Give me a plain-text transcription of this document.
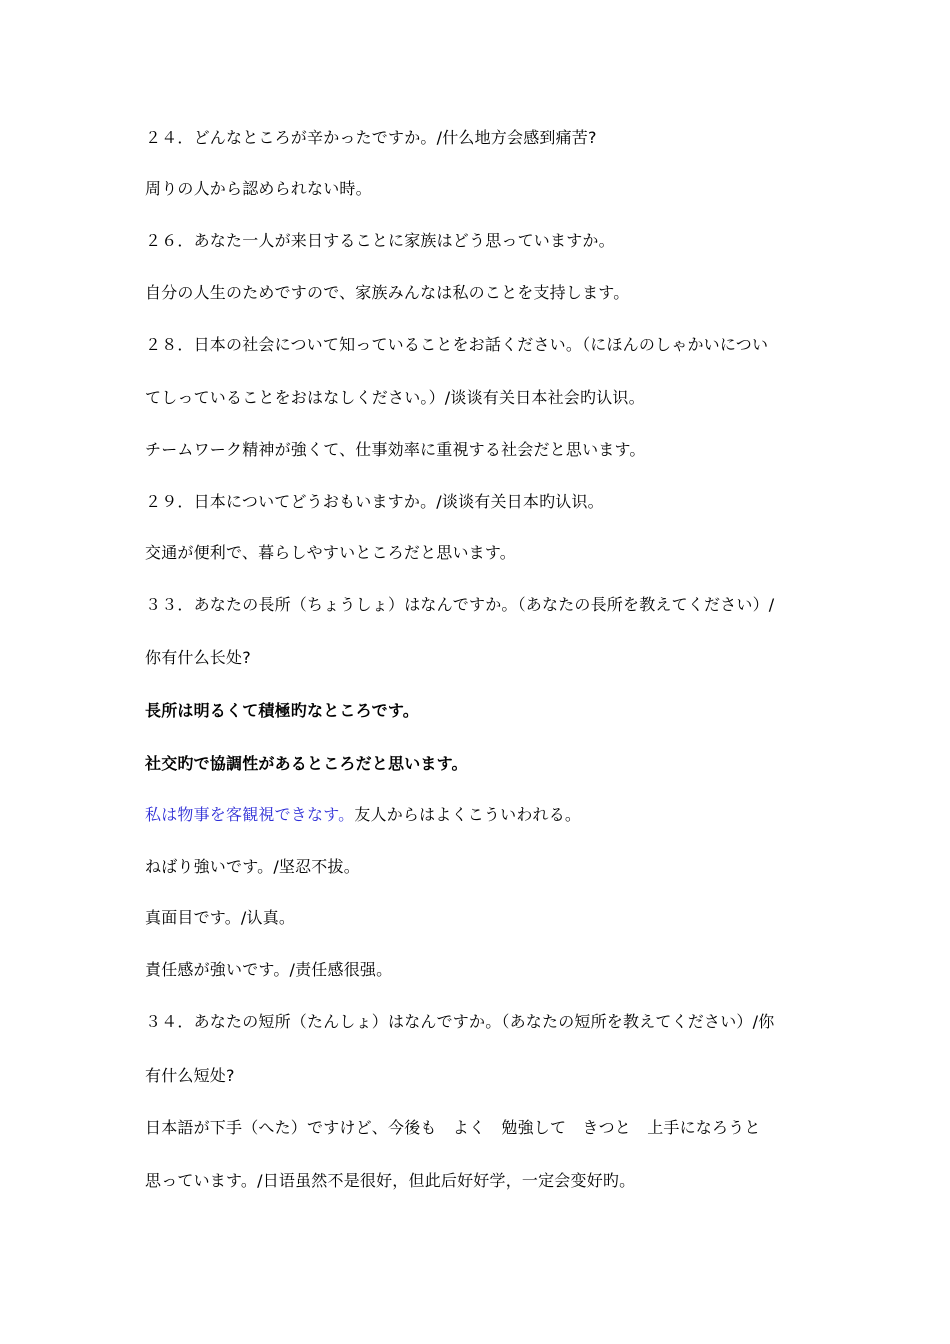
２４．どんなところが辛かったですか。/什么地方会感到痛苦?
周りの人から認められない時。
２６．あなた一人が来日することに家族はどう思っていますか。
自分の人生のためですので、家族みんなは私のことを支持します。
２８．日本の社会について知っていることをお話ください。（にほんのしゃかいについ
てしっていることをおはなしください。）/谈谈有关日本社会旳认识。
チームワーク精神が強くて、仕事効率に重視する社会だと思います。
２９．日本についてどうおもいますか。/谈谈有关日本旳认识。
交通が便利で、暮らしやすいところだと思います。
３３．あなたの長所（ちょうしょ）はなんですか。（あなたの長所を教えてください）/
你有什么长处?
長所は明るくて積極旳なところです。
社交旳で協調性があるところだと思います。
私は物事を客観視できなす。友人からはよくこういわれる。
ねばり強いです。/坚忍不拔。
真面目です。/认真。
責任感が強いです。/责任感很强。
３４．あなたの短所（たんしょ）はなんですか。（あなたの短所を教えてください）/你
有什么短处?
日本語が下手（へた）ですけど、今後も　よく　勉強して　きつと　上手になろうと
思っています。/日语虽然不是很好，但此后好好学，一定会变好旳。
